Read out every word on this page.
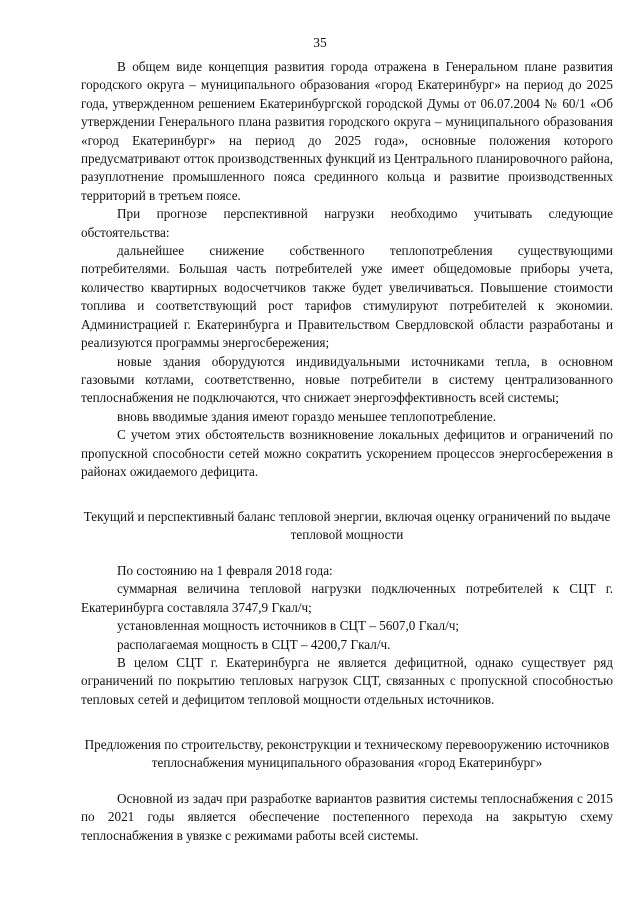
35

В общем виде концепция развития города отражена в Генеральном плане развития городского округа – муниципального образования «город Екатеринбург» на период до 2025 года, утвержденном решением Екатеринбургской городской Думы от 06.07.2004 № 60/1 «Об утверждении Генерального плана развития городского округа – муниципального образования «город Екатеринбург» на период до 2025 года», основные положения которого предусматривают отток производственных функций из Центрального планировочного района, разуплотнение промышленного пояса срединного кольца и развитие производственных территорий в третьем поясе.

При прогнозе перспективной нагрузки необходимо учитывать следующие обстоятельства:

дальнейшее снижение собственного теплопотребления существующими потребителями. Большая часть потребителей уже имеет общедомовые приборы учета, количество квартирных водосчетчиков также будет увеличиваться. Повышение стоимости топлива и соответствующий рост тарифов стимулируют потребителей к экономии. Администрацией г. Екатеринбурга и Правительством Свердловской области разработаны и реализуются программы энергосбережения;

новые здания оборудуются индивидуальными источниками тепла, в основном газовыми котлами, соответственно, новые потребители в систему централизованного теплоснабжения не подключаются, что снижает энергоэффективность всей системы;

вновь вводимые здания имеют гораздо меньшее теплопотребление.

С учетом этих обстоятельств возникновение локальных дефицитов и ограничений по пропускной способности сетей можно сократить ускорением процессов энергосбережения в районах ожидаемого дефицита.

Текущий и перспективный баланс тепловой энергии, включая оценку ограничений по выдаче тепловой мощности

По состоянию на 1 февраля 2018 года:

суммарная величина тепловой нагрузки подключенных потребителей к СЦТ г. Екатеринбурга составляла 3747,9 Гкал/ч;

установленная мощность источников в СЦТ – 5607,0 Гкал/ч;

располагаемая мощность в СЦТ – 4200,7 Гкал/ч.

В целом СЦТ г. Екатеринбурга не является дефицитной, однако существует ряд ограничений по покрытию тепловых нагрузок СЦТ, связанных с пропускной способностью тепловых сетей и дефицитом тепловой мощности отдельных источников.

Предложения по строительству, реконструкции и техническому перевооружению источников теплоснабжения муниципального образования «город Екатеринбург»

Основной из задач при разработке вариантов развития системы теплоснабжения с 2015 по 2021 годы является обеспечение постепенного перехода на закрытую схему теплоснабжения в увязке с режимами работы всей системы.
